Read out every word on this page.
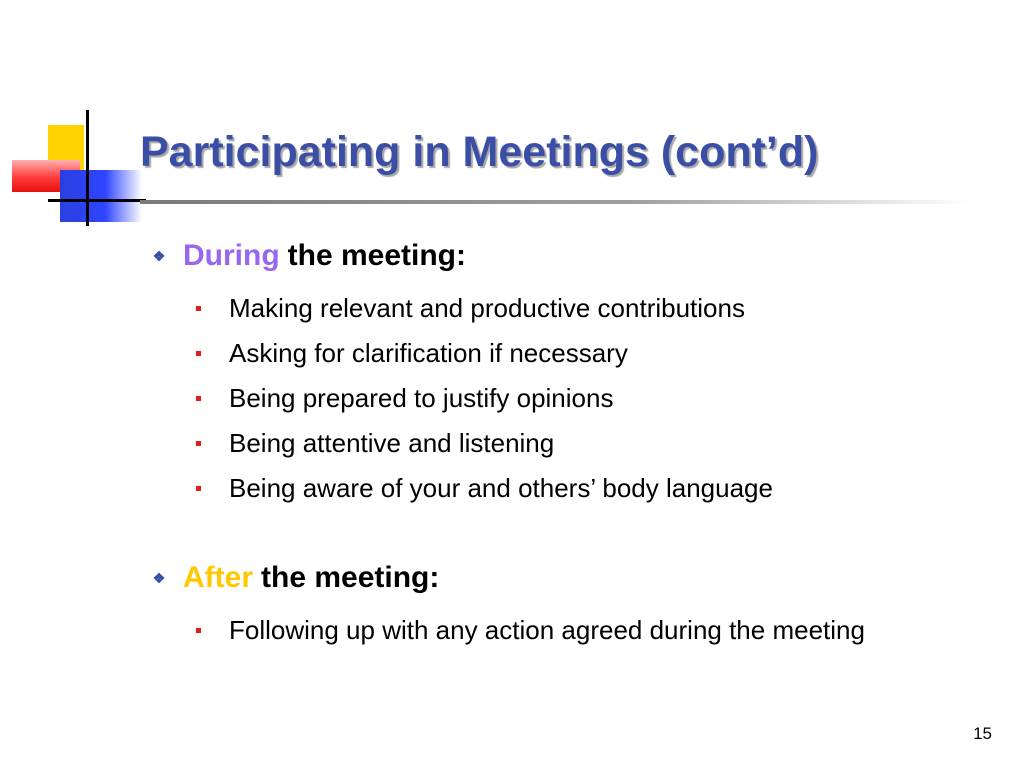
Participating in Meetings (cont’d)
❖ During the meeting:
Making relevant and productive contributions
Asking for clarification if necessary
Being prepared to justify opinions
Being attentive and listening
Being aware of your and others’ body language
❖ After the meeting:
Following up with any action agreed during the meeting
15
